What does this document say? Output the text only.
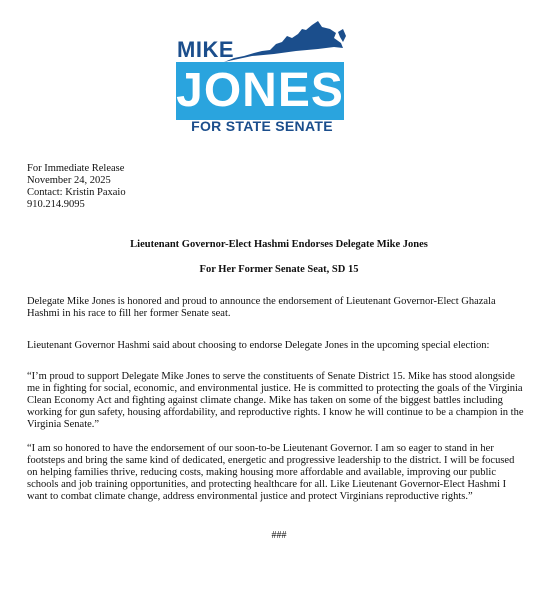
MIKE
JONES
FOR STATE SENATE
For Immediate Release
November 24, 2025
Contact: Kristin Paxaio
910.214.9095
Lieutenant Governor-Elect Hashmi Endorses Delegate Mike Jones
For Her Former Senate Seat, SD 15
Delegate Mike Jones is honored and proud to announce the endorsement of Lieutenant Governor-Elect Ghazala Hashmi in his race to fill her former Senate seat.
Lieutenant Governor Hashmi said about choosing to endorse Delegate Jones in the upcoming special election:
“I’m proud to support Delegate Mike Jones to serve the constituents of Senate District 15. Mike has stood alongside me in fighting for social, economic, and environmental justice. He is committed to protecting the goals of the Virginia Clean Economy Act and fighting against climate change. Mike has taken on some of the biggest battles including working for gun safety, housing affordability, and reproductive rights. I know he will continue to be a champion in the Virginia Senate.”
“I am so honored to have the endorsement of our soon-to-be Lieutenant Governor. I am so eager to stand in her footsteps and bring the same kind of dedicated, energetic and progressive leadership to the district. I will be focused on helping families thrive, reducing costs, making housing more affordable and available, improving our public schools and job training opportunities, and protecting healthcare for all. Like Lieutenant Governor-Elect Hashmi I want to combat climate change, address environmental justice and protect Virginians reproductive rights.”
###
